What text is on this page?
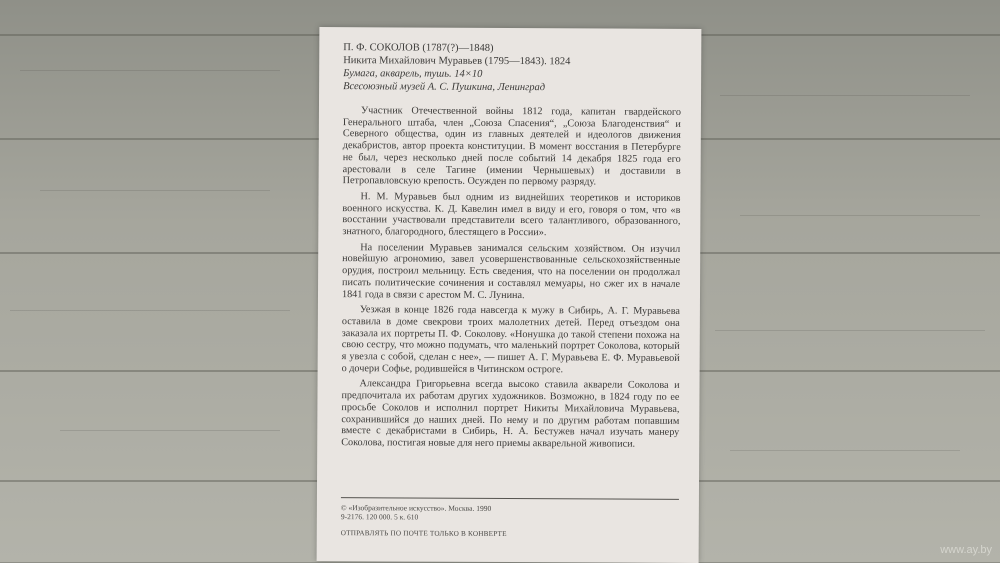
П. Ф. СОКОЛОВ (1787(?)—1848)
Никита Михайлович Муравьев (1795—1843). 1824
Бумага, акварель, тушь. 14×10
Всесоюзный музей А. С. Пушкина, Ленинград

Участник Отечественной войны 1812 года, капитан гвардейского Генерального штаба, член „Союза Спасения“, „Союза Благоденствия“ и Северного общества, один из главных деятелей и идеологов движения декабристов, автор проекта конституции. В момент восстания в Петербурге не был, через несколько дней после событий 14 декабря 1825 года его арестовали в селе Тагине (имении Чернышевых) и доставили в Петропавловскую крепость. Осужден по первому разряду.

Н. М. Муравьев был одним из виднейших теоретиков и историков военного искусства. К. Д. Кавелин имел в виду и его, говоря о том, что «в восстании участвовали представители всего талантливого, образованного, знатного, благородного, блестящего в России».

На поселении Муравьев занимался сельским хозяйством. Он изучил новейшую агрономию, завел усовершенствованные сельскохозяйственные орудия, построил мельницу. Есть сведения, что на поселении он продолжал писать политические сочинения и составлял мемуары, но сжег их в начале 1841 года в связи с арестом М. С. Лунина.

Уезжая в конце 1826 года навсегда к мужу в Сибирь, А. Г. Муравьева оставила в доме свекрови троих малолетних детей. Перед отъездом она заказала их портреты П. Ф. Соколову. «Нонушка до такой степени похожа на свою сестру, что можно подумать, что маленький портрет Соколова, который я увезла с собой, сделан с нее», — пишет А. Г. Муравьева Е. Ф. Муравьевой о дочери Софье, родившейся в Читинском остроге.

Александра Григорьевна всегда высоко ставила акварели Соколова и предпочитала их работам других художников. Возможно, в 1824 году по ее просьбе Соколов и исполнил портрет Никиты Михайловича Муравьева, сохранившийся до наших дней. По нему и по другим работам попавшим вместе с декабристами в Сибирь, Н. А. Бестужев начал изучать манеру Соколова, постигая новые для него приемы акварельной живописи.

© «Изобразительное искусство». Москва. 1990
9-2176. 120 000. 5 к. 610
ОТПРАВЛЯТЬ ПО ПОЧТЕ ТОЛЬКО В КОНВЕРТЕ
www.ay.by
